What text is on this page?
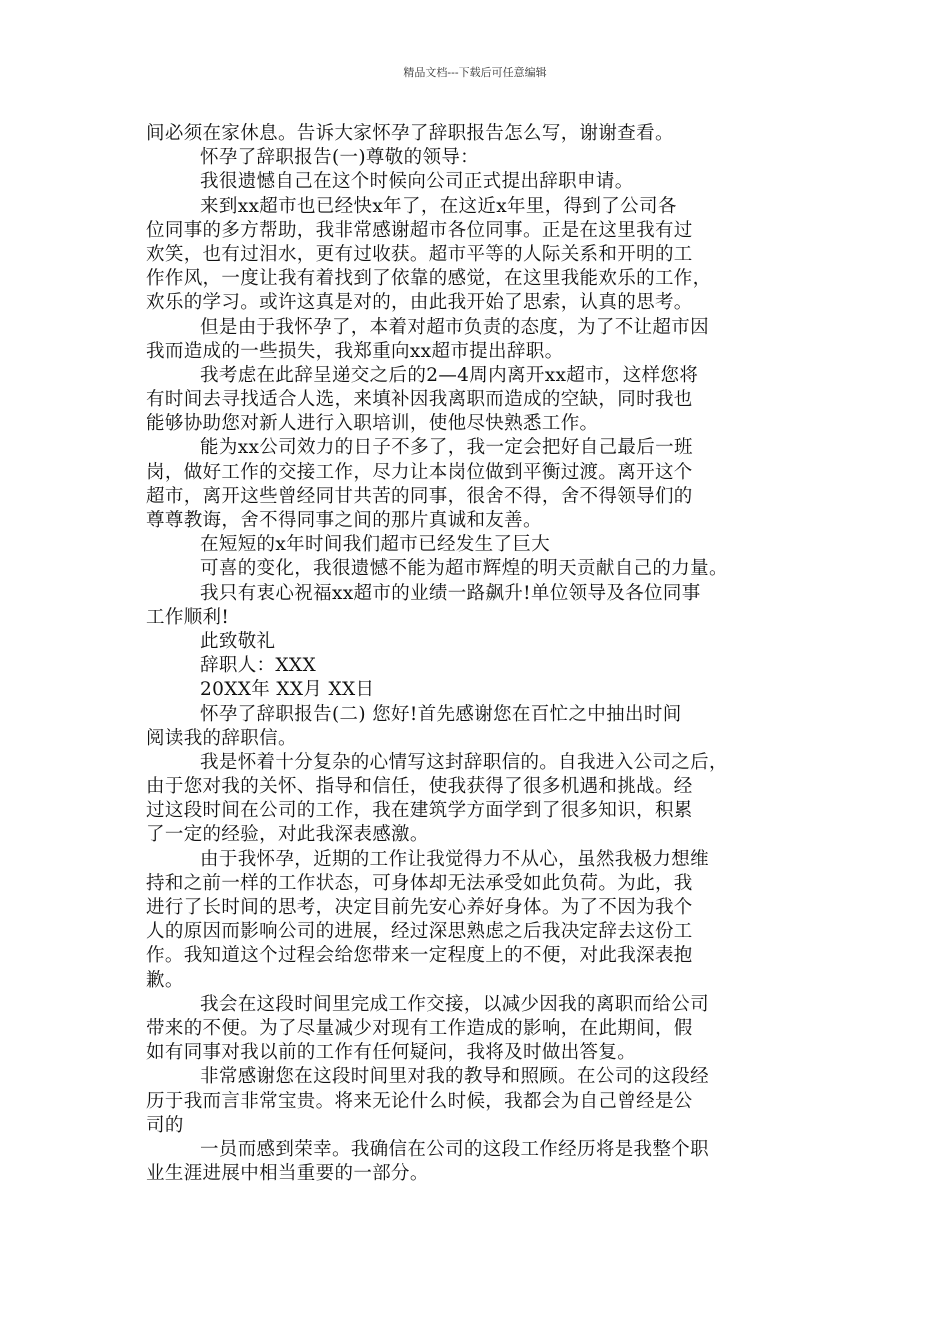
精品文档---下载后可任意编辑
间必须在家休息。告诉大家怀孕了辞职报告怎么写，谢谢查看。
怀孕了辞职报告(一)尊敬的领导：
我很遗憾自己在这个时候向公司正式提出辞职申请。
来到xx超市也已经快x年了，在这近x年里，得到了公司各
位同事的多方帮助，我非常感谢超市各位同事。正是在这里我有过
欢笑，也有过泪水，更有过收获。超市平等的人际关系和开明的工
作作风，一度让我有着找到了依靠的感觉，在这里我能欢乐的工作，
欢乐的学习。或许这真是对的，由此我开始了思索，认真的思考。
但是由于我怀孕了，本着对超市负责的态度，为了不让超市因
我而造成的一些损失，我郑重向xx超市提出辞职。
我考虑在此辞呈递交之后的2—4周内离开xx超市，这样您将
有时间去寻找适合人选，来填补因我离职而造成的空缺，同时我也
能够协助您对新人进行入职培训，使他尽快熟悉工作。
能为xx公司效力的日子不多了，我一定会把好自己最后一班
岗，做好工作的交接工作，尽力让本岗位做到平衡过渡。离开这个
超市，离开这些曾经同甘共苦的同事，很舍不得，舍不得领导们的
尊尊教诲，舍不得同事之间的那片真诚和友善。
在短短的x年时间我们超市已经发生了巨大
可喜的变化，我很遗憾不能为超市辉煌的明天贡献自己的力量。
我只有衷心祝福xx超市的业绩一路飙升!单位领导及各位同事
工作顺利!
此致敬礼
辞职人：XXX
20XX年 XX月 XX日
怀孕了辞职报告(二) 您好!首先感谢您在百忙之中抽出时间
阅读我的辞职信。
我是怀着十分复杂的心情写这封辞职信的。自我进入公司之后，
由于您对我的关怀、指导和信任，使我获得了很多机遇和挑战。经
过这段时间在公司的工作，我在建筑学方面学到了很多知识，积累
了一定的经验，对此我深表感激。
由于我怀孕，近期的工作让我觉得力不从心，虽然我极力想维
持和之前一样的工作状态，可身体却无法承受如此负荷。为此，我
进行了长时间的思考，决定目前先安心养好身体。为了不因为我个
人的原因而影响公司的进展，经过深思熟虑之后我决定辞去这份工
作。我知道这个过程会给您带来一定程度上的不便，对此我深表抱
歉。
我会在这段时间里完成工作交接，以减少因我的离职而给公司
带来的不便。为了尽量减少对现有工作造成的影响，在此期间，假
如有同事对我以前的工作有任何疑问，我将及时做出答复。
非常感谢您在这段时间里对我的教导和照顾。在公司的这段经
历于我而言非常宝贵。将来无论什么时候，我都会为自己曾经是公
司的
一员而感到荣幸。我确信在公司的这段工作经历将是我整个职
业生涯进展中相当重要的一部分。
